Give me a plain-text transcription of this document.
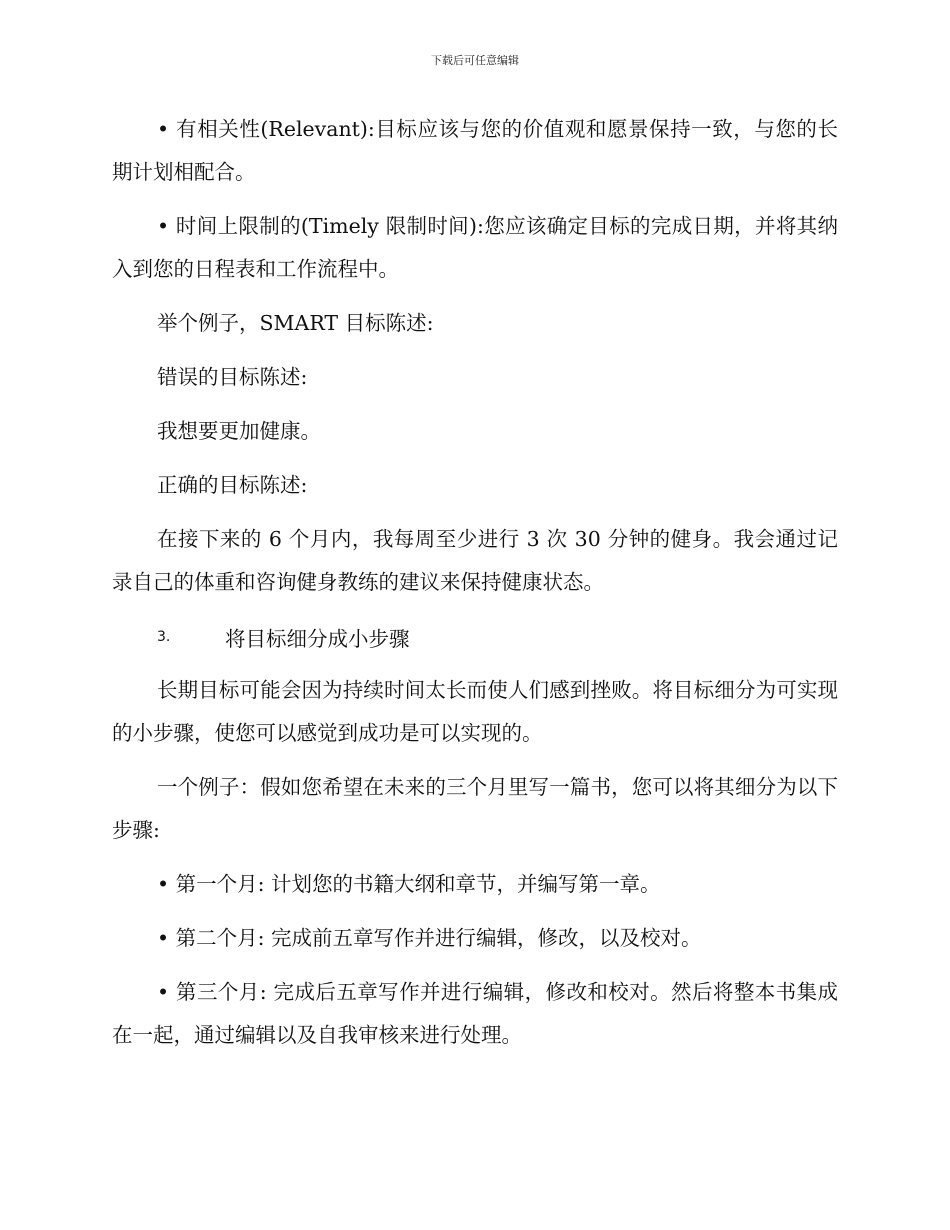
下载后可任意编辑

• 有相关性(Relevant):目标应该与您的价值观和愿景保持一致，与您的长期计划相配合。

• 时间上限制的(Timely 限制时间):您应该确定目标的完成日期，并将其纳入到您的日程表和工作流程中。

举个例子，SMART 目标陈述:

错误的目标陈述:

我想要更加健康。

正确的目标陈述:

在接下来的 6 个月内，我每周至少进行 3 次 30 分钟的健身。我会通过记录自己的体重和咨询健身教练的建议来保持健康状态。

3.	将目标细分成小步骤

长期目标可能会因为持续时间太长而使人们感到挫败。将目标细分为可实现的小步骤，使您可以感觉到成功是可以实现的。

一个例子：假如您希望在未来的三个月里写一篇书，您可以将其细分为以下步骤:

• 第一个月: 计划您的书籍大纲和章节，并编写第一章。

• 第二个月: 完成前五章写作并进行编辑，修改，以及校对。

• 第三个月: 完成后五章写作并进行编辑，修改和校对。然后将整本书集成在一起，通过编辑以及自我审核来进行处理。
